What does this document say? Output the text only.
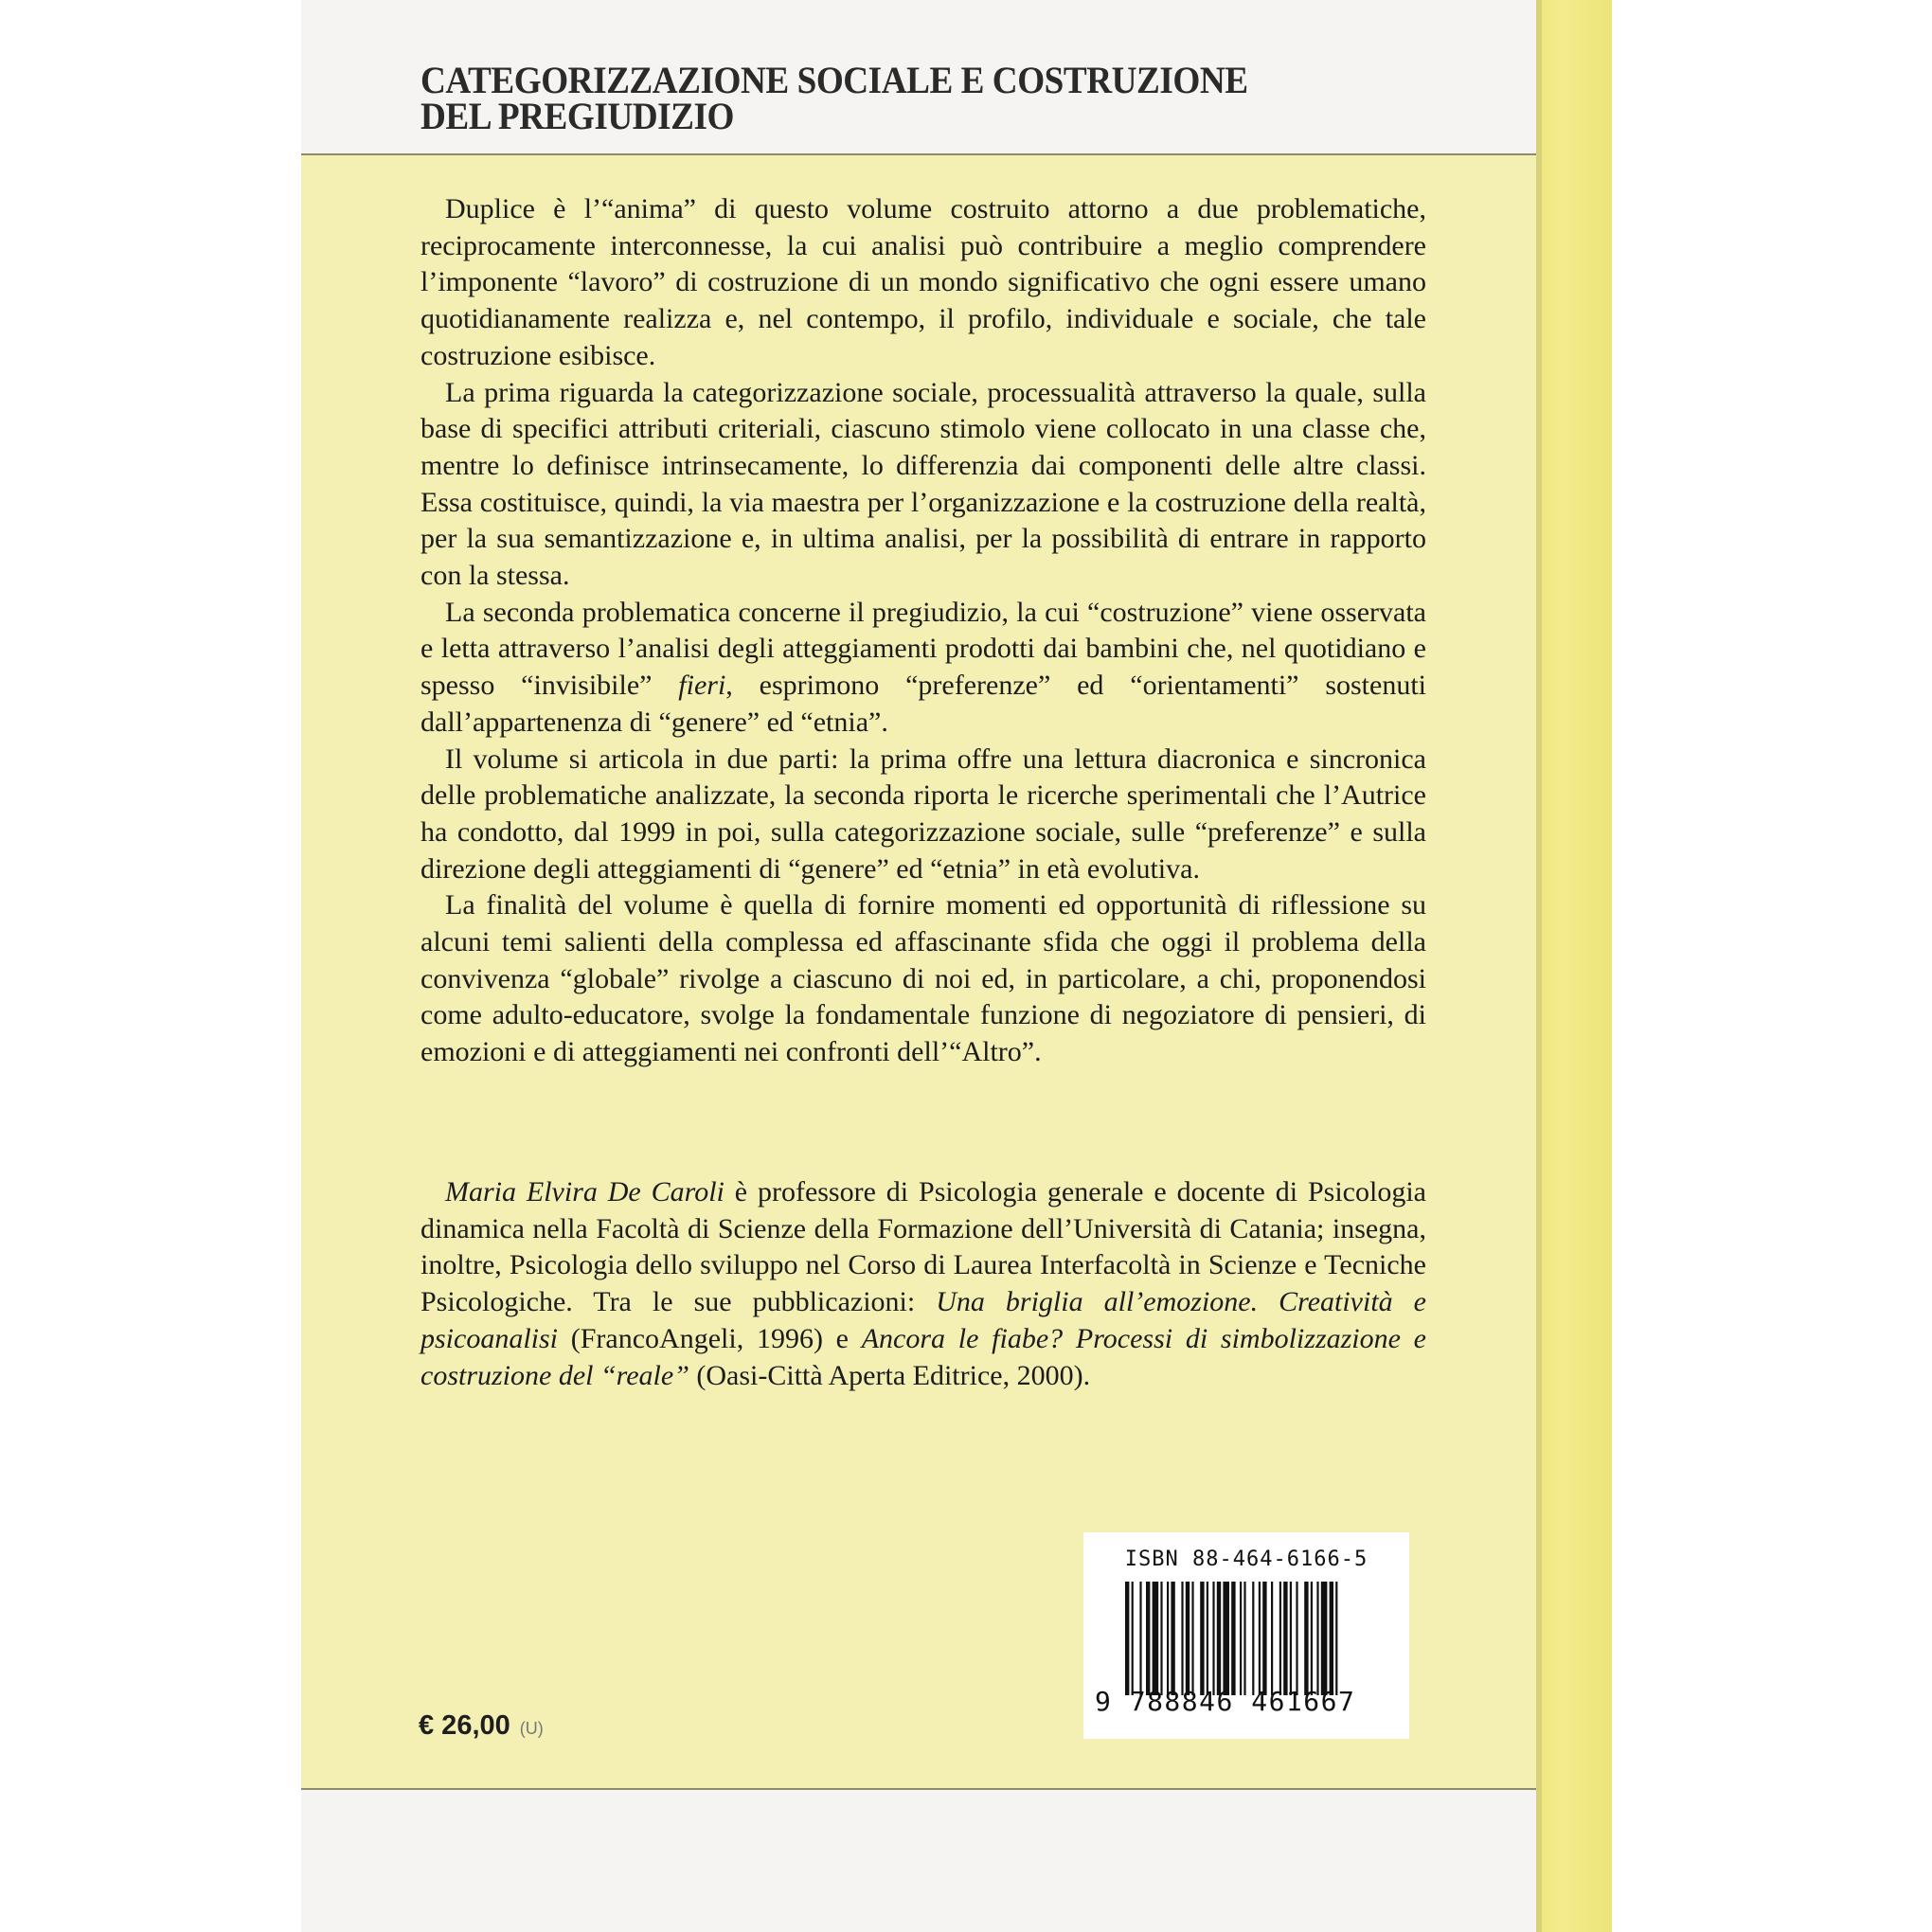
CATEGORIZZAZIONE SOCIALE E COSTRUZIONE
DEL PREGIUDIZIO

Duplice è l’“anima” di questo volume costruito attorno a due problematiche, reciprocamente interconnesse, la cui analisi può contribuire a meglio comprendere l’imponente “lavoro” di costruzione di un mondo significativo che ogni essere umano quotidianamente realizza e, nel contempo, il profilo, individuale e sociale, che tale costruzione esibisce.

La prima riguarda la categorizzazione sociale, processualità attraverso la quale, sulla base di specifici attributi criteriali, ciascuno stimolo viene collocato in una classe che, mentre lo definisce intrinsecamente, lo differenzia dai componenti delle altre classi. Essa costituisce, quindi, la via maestra per l’organizzazione e la costruzione della realtà, per la sua semantizzazione e, in ultima analisi, per la possibilità di entrare in rapporto con la stessa.

La seconda problematica concerne il pregiudizio, la cui “costruzione” viene osservata e letta attraverso l’analisi degli atteggiamenti prodotti dai bambini che, nel quotidiano e spesso “invisibile” fieri, esprimono “preferenze” ed “orientamenti” sostenuti dall’appartenenza di “genere” ed “etnia”.

Il volume si articola in due parti: la prima offre una lettura diacronica e sincronica delle problematiche analizzate, la seconda riporta le ricerche sperimentali che l’Autrice ha condotto, dal 1999 in poi, sulla categorizzazione sociale, sulle “preferenze” e sulla direzione degli atteggiamenti di “genere” ed “etnia” in età evolutiva.

La finalità del volume è quella di fornire momenti ed opportunità di riflessione su alcuni temi salienti della complessa ed affascinante sfida che oggi il problema della convivenza “globale” rivolge a ciascuno di noi ed, in particolare, a chi, proponendosi come adulto-educatore, svolge la fondamentale funzione di negoziatore di pensieri, di emozioni e di atteggiamenti nei confronti dell’“Altro”.

Maria Elvira De Caroli è professore di Psicologia generale e docente di Psicologia dinamica nella Facoltà di Scienze della Formazione dell’Università di Catania; insegna, inoltre, Psicologia dello sviluppo nel Corso di Laurea Interfacoltà in Scienze e Tecniche Psicologiche. Tra le sue pubblicazioni: Una briglia all’emozione. Creatività e psicoanalisi (FrancoAngeli, 1996) e Ancora le fiabe? Processi di simbolizzazione e costruzione del “reale” (Oasi-Città Aperta Editrice, 2000).

€ 26,00 (U)
ISBN 88-464-6166-5
9 788846 461667
